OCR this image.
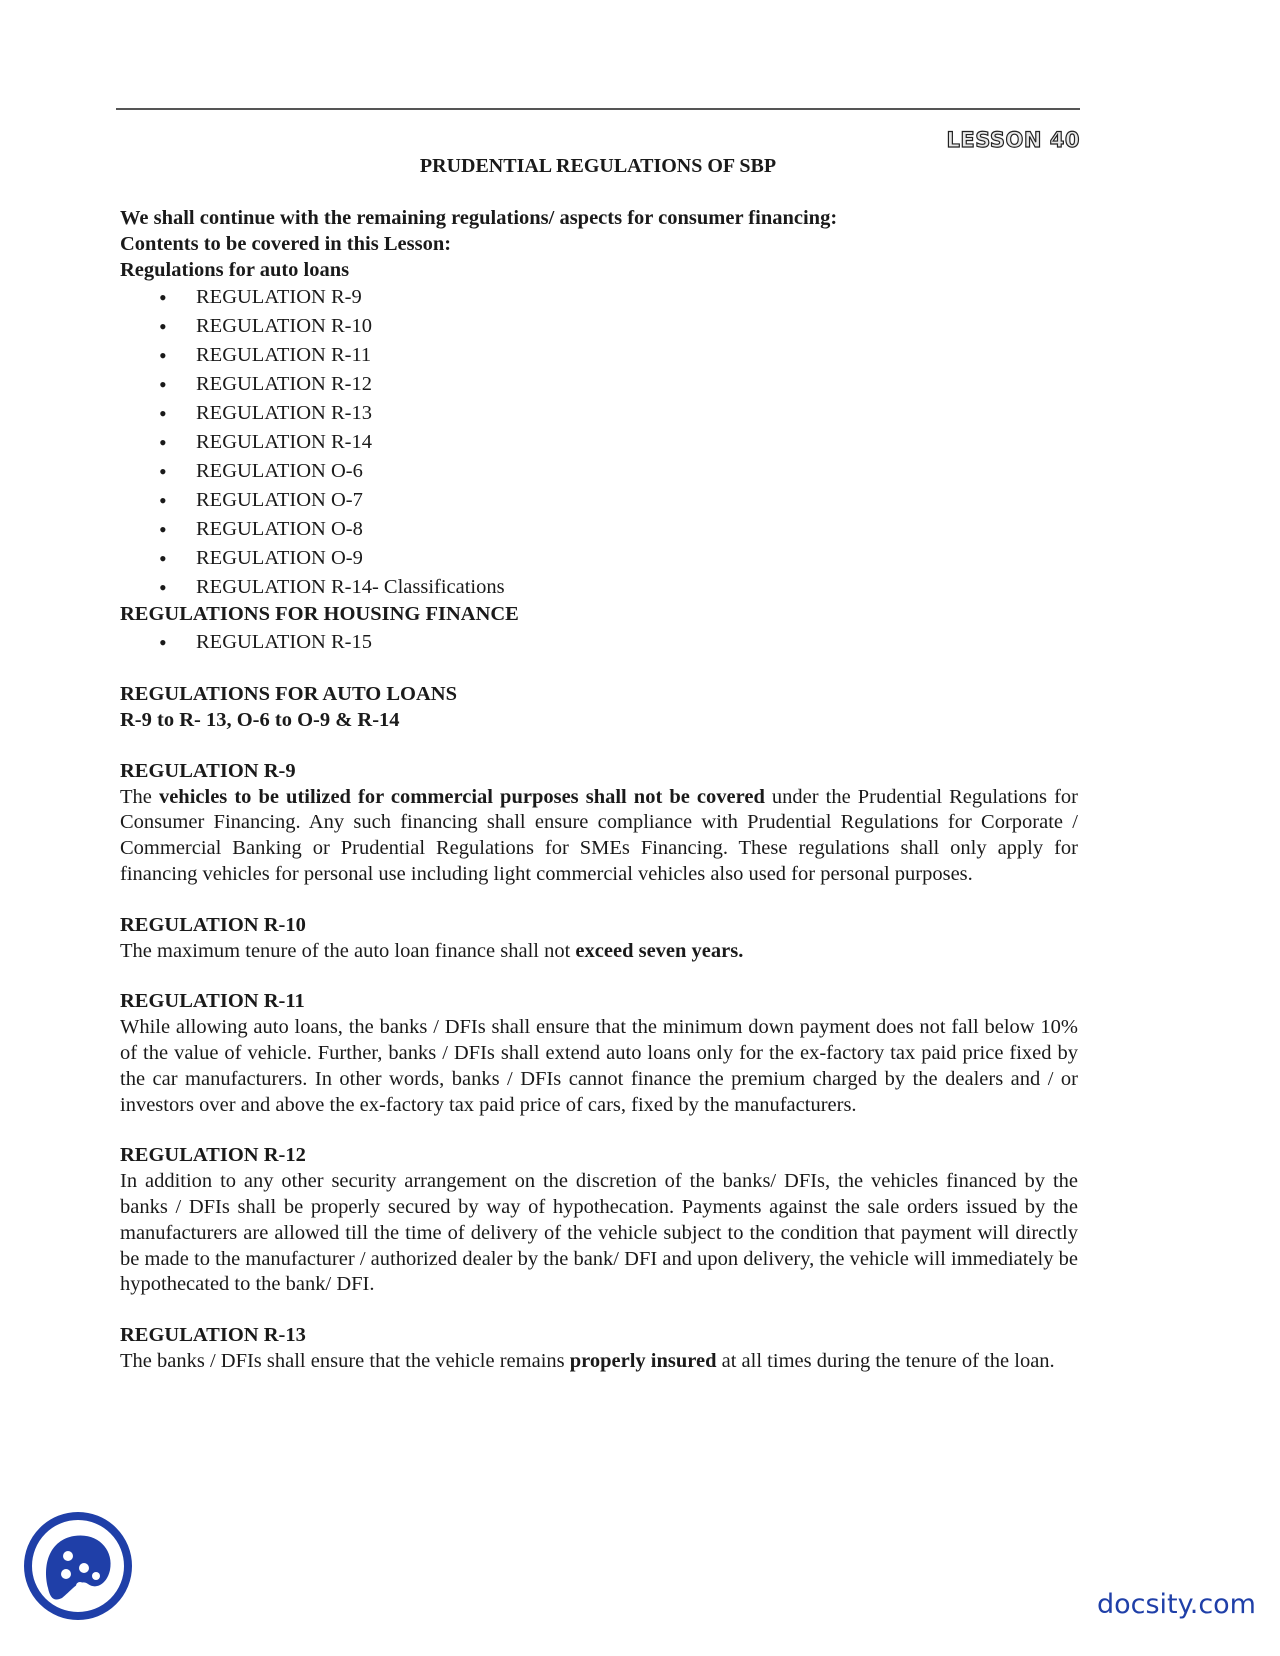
LESSON 40
PRUDENTIAL REGULATIONS OF SBP
We shall continue with the remaining regulations/ aspects for consumer financing:
Contents to be covered in this Lesson:
Regulations for auto loans
• REGULATION R-9
• REGULATION R-10
• REGULATION R-11
• REGULATION R-12
• REGULATION R-13
• REGULATION R-14
• REGULATION O-6
• REGULATION O-7
• REGULATION O-8
• REGULATION O-9
• REGULATION R-14- Classifications
REGULATIONS FOR HOUSING FINANCE
• REGULATION R-15
REGULATIONS FOR AUTO LOANS
R-9 to R- 13, O-6 to O-9 & R-14
REGULATION R-9
The vehicles to be utilized for commercial purposes shall not be covered under the Prudential Regulations for Consumer Financing. Any such financing shall ensure compliance with Prudential Regulations for Corporate / Commercial Banking or Prudential Regulations for SMEs Financing. These regulations shall only apply for financing vehicles for personal use including light commercial vehicles also used for personal purposes.
REGULATION R-10
The maximum tenure of the auto loan finance shall not exceed seven years.
REGULATION R-11
While allowing auto loans, the banks / DFIs shall ensure that the minimum down payment does not fall below 10% of the value of vehicle. Further, banks / DFIs shall extend auto loans only for the ex-factory tax paid price fixed by the car manufacturers. In other words, banks / DFIs cannot finance the premium charged by the dealers and / or investors over and above the ex-factory tax paid price of cars, fixed by the manufacturers.
REGULATION R-12
In addition to any other security arrangement on the discretion of the banks/ DFIs, the vehicles financed by the banks / DFIs shall be properly secured by way of hypothecation. Payments against the sale orders issued by the manufacturers are allowed till the time of delivery of the vehicle subject to the condition that payment will directly be made to the manufacturer / authorized dealer by the bank/ DFI and upon delivery, the vehicle will immediately be hypothecated to the bank/ DFI.
REGULATION R-13
The banks / DFIs shall ensure that the vehicle remains properly insured at all times during the tenure of the loan.
docsity.com
